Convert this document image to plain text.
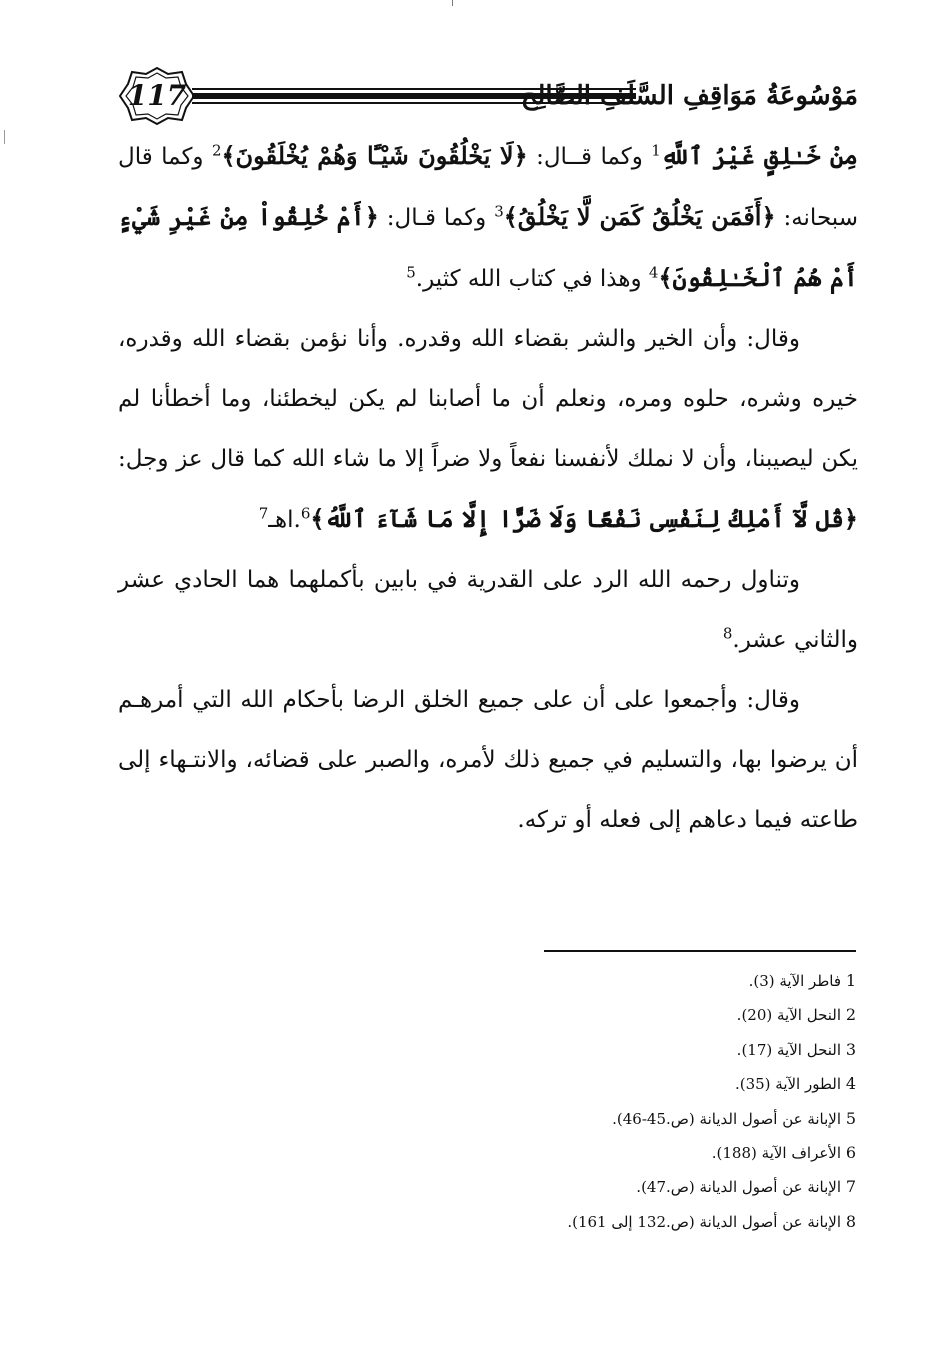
117	مَوْسُوعَةُ مَوَاقِفِ السَّلَفِ الصَّالِح

مِنْ خَـٰلِقٍ غَيْرُ ٱللَّهِ$^1$ وكما قــال: ﴿لَا يَخْلُقُونَ شَيْـًٔا وَهُمْ يُخْلَقُونَ﴾$^2$ وكما قال سبحانه: ﴿أَفَمَن يَخْلُقُ كَمَن لَّا يَخْلُقُ﴾$^3$ وكما قـال: ﴿أَمْ خُلِقُواْ مِنْ غَيْرِ شَيْءٍ أَمْ هُمُ ٱلْخَـٰلِقُونَ﴾$^4$ وهذا في كتاب الله كثير.$^5$

وقال: وأن الخير والشر بقضاء الله وقدره. وأنا نؤمن بقضاء الله وقدره، خيره وشره، حلوه ومره، ونعلم أن ما أصابنا لم يكن ليخطئنا، وما أخطأنا لم يكن ليصيبنا، وأن لا نملك لأنفسنا نفعاً ولا ضراً إلا ما شاء الله كما قال عز وجل: ﴿قُل لَّآ أَمْلِكُ لِنَفْسِى نَفْعًا وَلَا ضَرًّا إِلَّا مَا شَآءَ ٱللَّهُ﴾$^6$.اهـ$^7$

وتناول رحمه الله الرد على القدرية في بابين بأكملهما هما الحادي عشر والثاني عشر.$^8$

وقال: وأجمعوا على أن على جميع الخلق الرضا بأحكام الله التي أمرهـم أن يرضوا بها، والتسليم في جميع ذلك لأمره، والصبر على قضائه، والانتـهاء إلى طاعته فيما دعاهم إلى فعله أو تركه.

1 فاطر الآية (3).
2 النحل الآية (20).
3 النحل الآية (17).
4 الطور الآية (35).
5 الإبانة عن أصول الديانة (ص.45-46).
6 الأعراف الآية (188).
7 الإبانة عن أصول الديانة (ص.47).
8 الإبانة عن أصول الديانة (ص.132 إلى 161).
